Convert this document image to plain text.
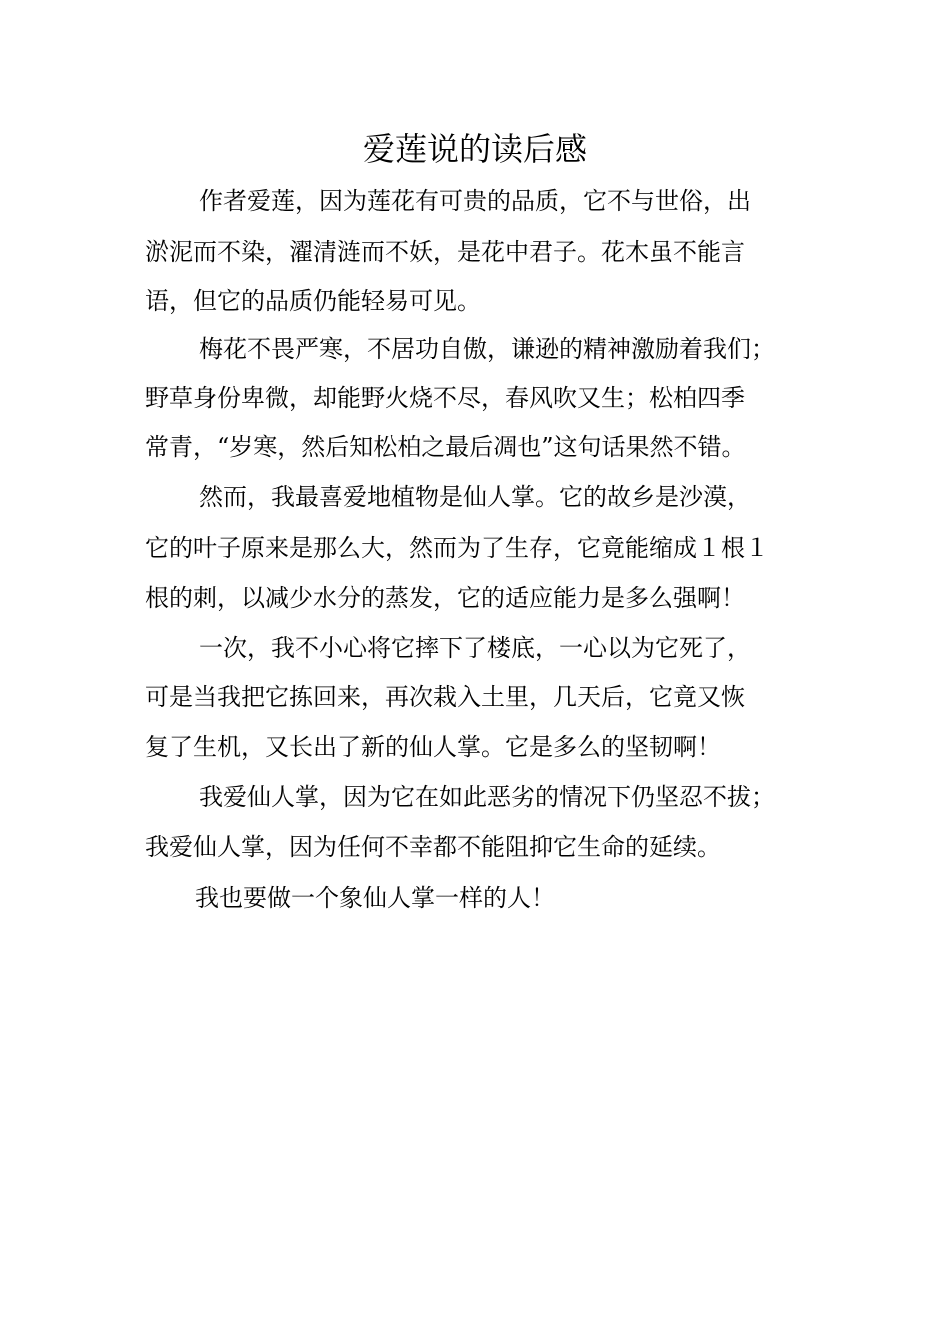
爱莲说的读后感
作者爱莲，因为莲花有可贵的品质，它不与世俗，出
淤泥而不染，濯清涟而不妖，是花中君子。花木虽不能言
语，但它的品质仍能轻易可见。
梅花不畏严寒，不居功自傲，谦逊的精神激励着我们；
野草身份卑微，却能野火烧不尽，春风吹又生；松柏四季
常青，“岁寒，然后知松柏之最后凋也”这句话果然不错。
然而，我最喜爱地植物是仙人掌。它的故乡是沙漠，
它的叶子原来是那么大，然而为了生存，它竟能缩成１根１
根的刺，以减少水分的蒸发，它的适应能力是多么强啊！
一次，我不小心将它摔下了楼底，一心以为它死了，
可是当我把它拣回来，再次栽入土里，几天后，它竟又恢
复了生机，又长出了新的仙人掌。它是多么的坚韧啊！
我爱仙人掌，因为它在如此恶劣的情况下仍坚忍不拔；
我爱仙人掌，因为任何不幸都不能阻抑它生命的延续。
我也要做一个象仙人掌一样的人！
